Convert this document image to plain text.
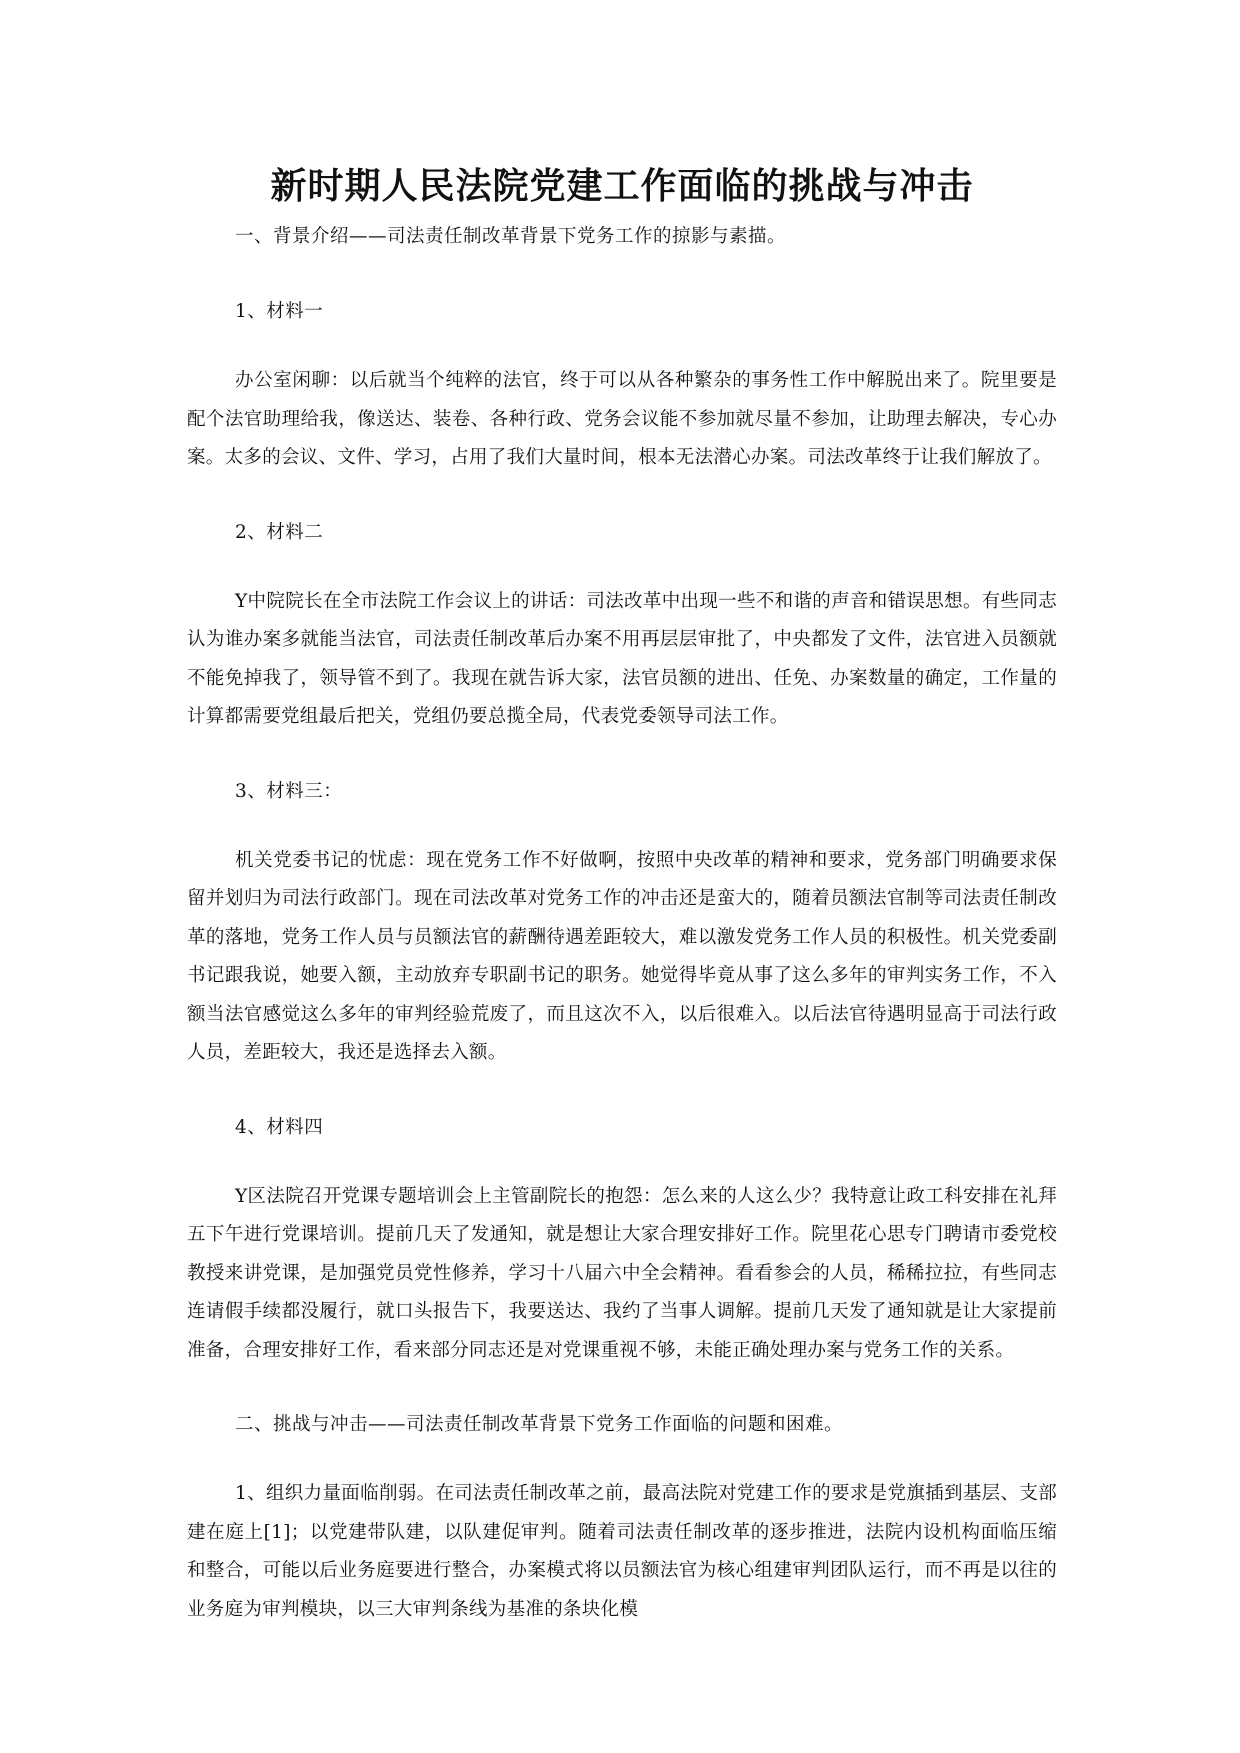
新时期人民法院党建工作面临的挑战与冲击

一、背景介绍——司法责任制改革背景下党务工作的掠影与素描。

1、材料一

办公室闲聊：以后就当个纯粹的法官，终于可以从各种繁杂的事务性工作中解脱出来了。院里要是配个法官助理给我，像送达、装卷、各种行政、党务会议能不参加就尽量不参加，让助理去解决，专心办案。太多的会议、文件、学习，占用了我们大量时间，根本无法潜心办案。司法改革终于让我们解放了。

2、材料二

Y中院院长在全市法院工作会议上的讲话：司法改革中出现一些不和谐的声音和错误思想。有些同志认为谁办案多就能当法官，司法责任制改革后办案不用再层层审批了，中央都发了文件，法官进入员额就不能免掉我了，领导管不到了。我现在就告诉大家，法官员额的进出、任免、办案数量的确定，工作量的计算都需要党组最后把关，党组仍要总揽全局，代表党委领导司法工作。

3、材料三：

机关党委书记的忧虑：现在党务工作不好做啊，按照中央改革的精神和要求，党务部门明确要求保留并划归为司法行政部门。现在司法改革对党务工作的冲击还是蛮大的，随着员额法官制等司法责任制改革的落地，党务工作人员与员额法官的薪酬待遇差距较大，难以激发党务工作人员的积极性。机关党委副书记跟我说，她要入额，主动放弃专职副书记的职务。她觉得毕竟从事了这么多年的审判实务工作，不入额当法官感觉这么多年的审判经验荒废了，而且这次不入，以后很难入。以后法官待遇明显高于司法行政人员，差距较大，我还是选择去入额。

4、材料四

Y区法院召开党课专题培训会上主管副院长的抱怨：怎么来的人这么少？我特意让政工科安排在礼拜五下午进行党课培训。提前几天了发通知，就是想让大家合理安排好工作。院里花心思专门聘请市委党校教授来讲党课，是加强党员党性修养，学习十八届六中全会精神。看看参会的人员，稀稀拉拉，有些同志连请假手续都没履行，就口头报告下，我要送达、我约了当事人调解。提前几天发了通知就是让大家提前准备，合理安排好工作，看来部分同志还是对党课重视不够，未能正确处理办案与党务工作的关系。

二、挑战与冲击——司法责任制改革背景下党务工作面临的问题和困难。

1、组织力量面临削弱。在司法责任制改革之前，最高法院对党建工作的要求是党旗插到基层、支部建在庭上[1]；以党建带队建，以队建促审判。随着司法责任制改革的逐步推进，法院内设机构面临压缩和整合，可能以后业务庭要进行整合，办案模式将以员额法官为核心组建审判团队运行，而不再是以往的业务庭为审判模块，以三大审判条线为基准的条块化模
